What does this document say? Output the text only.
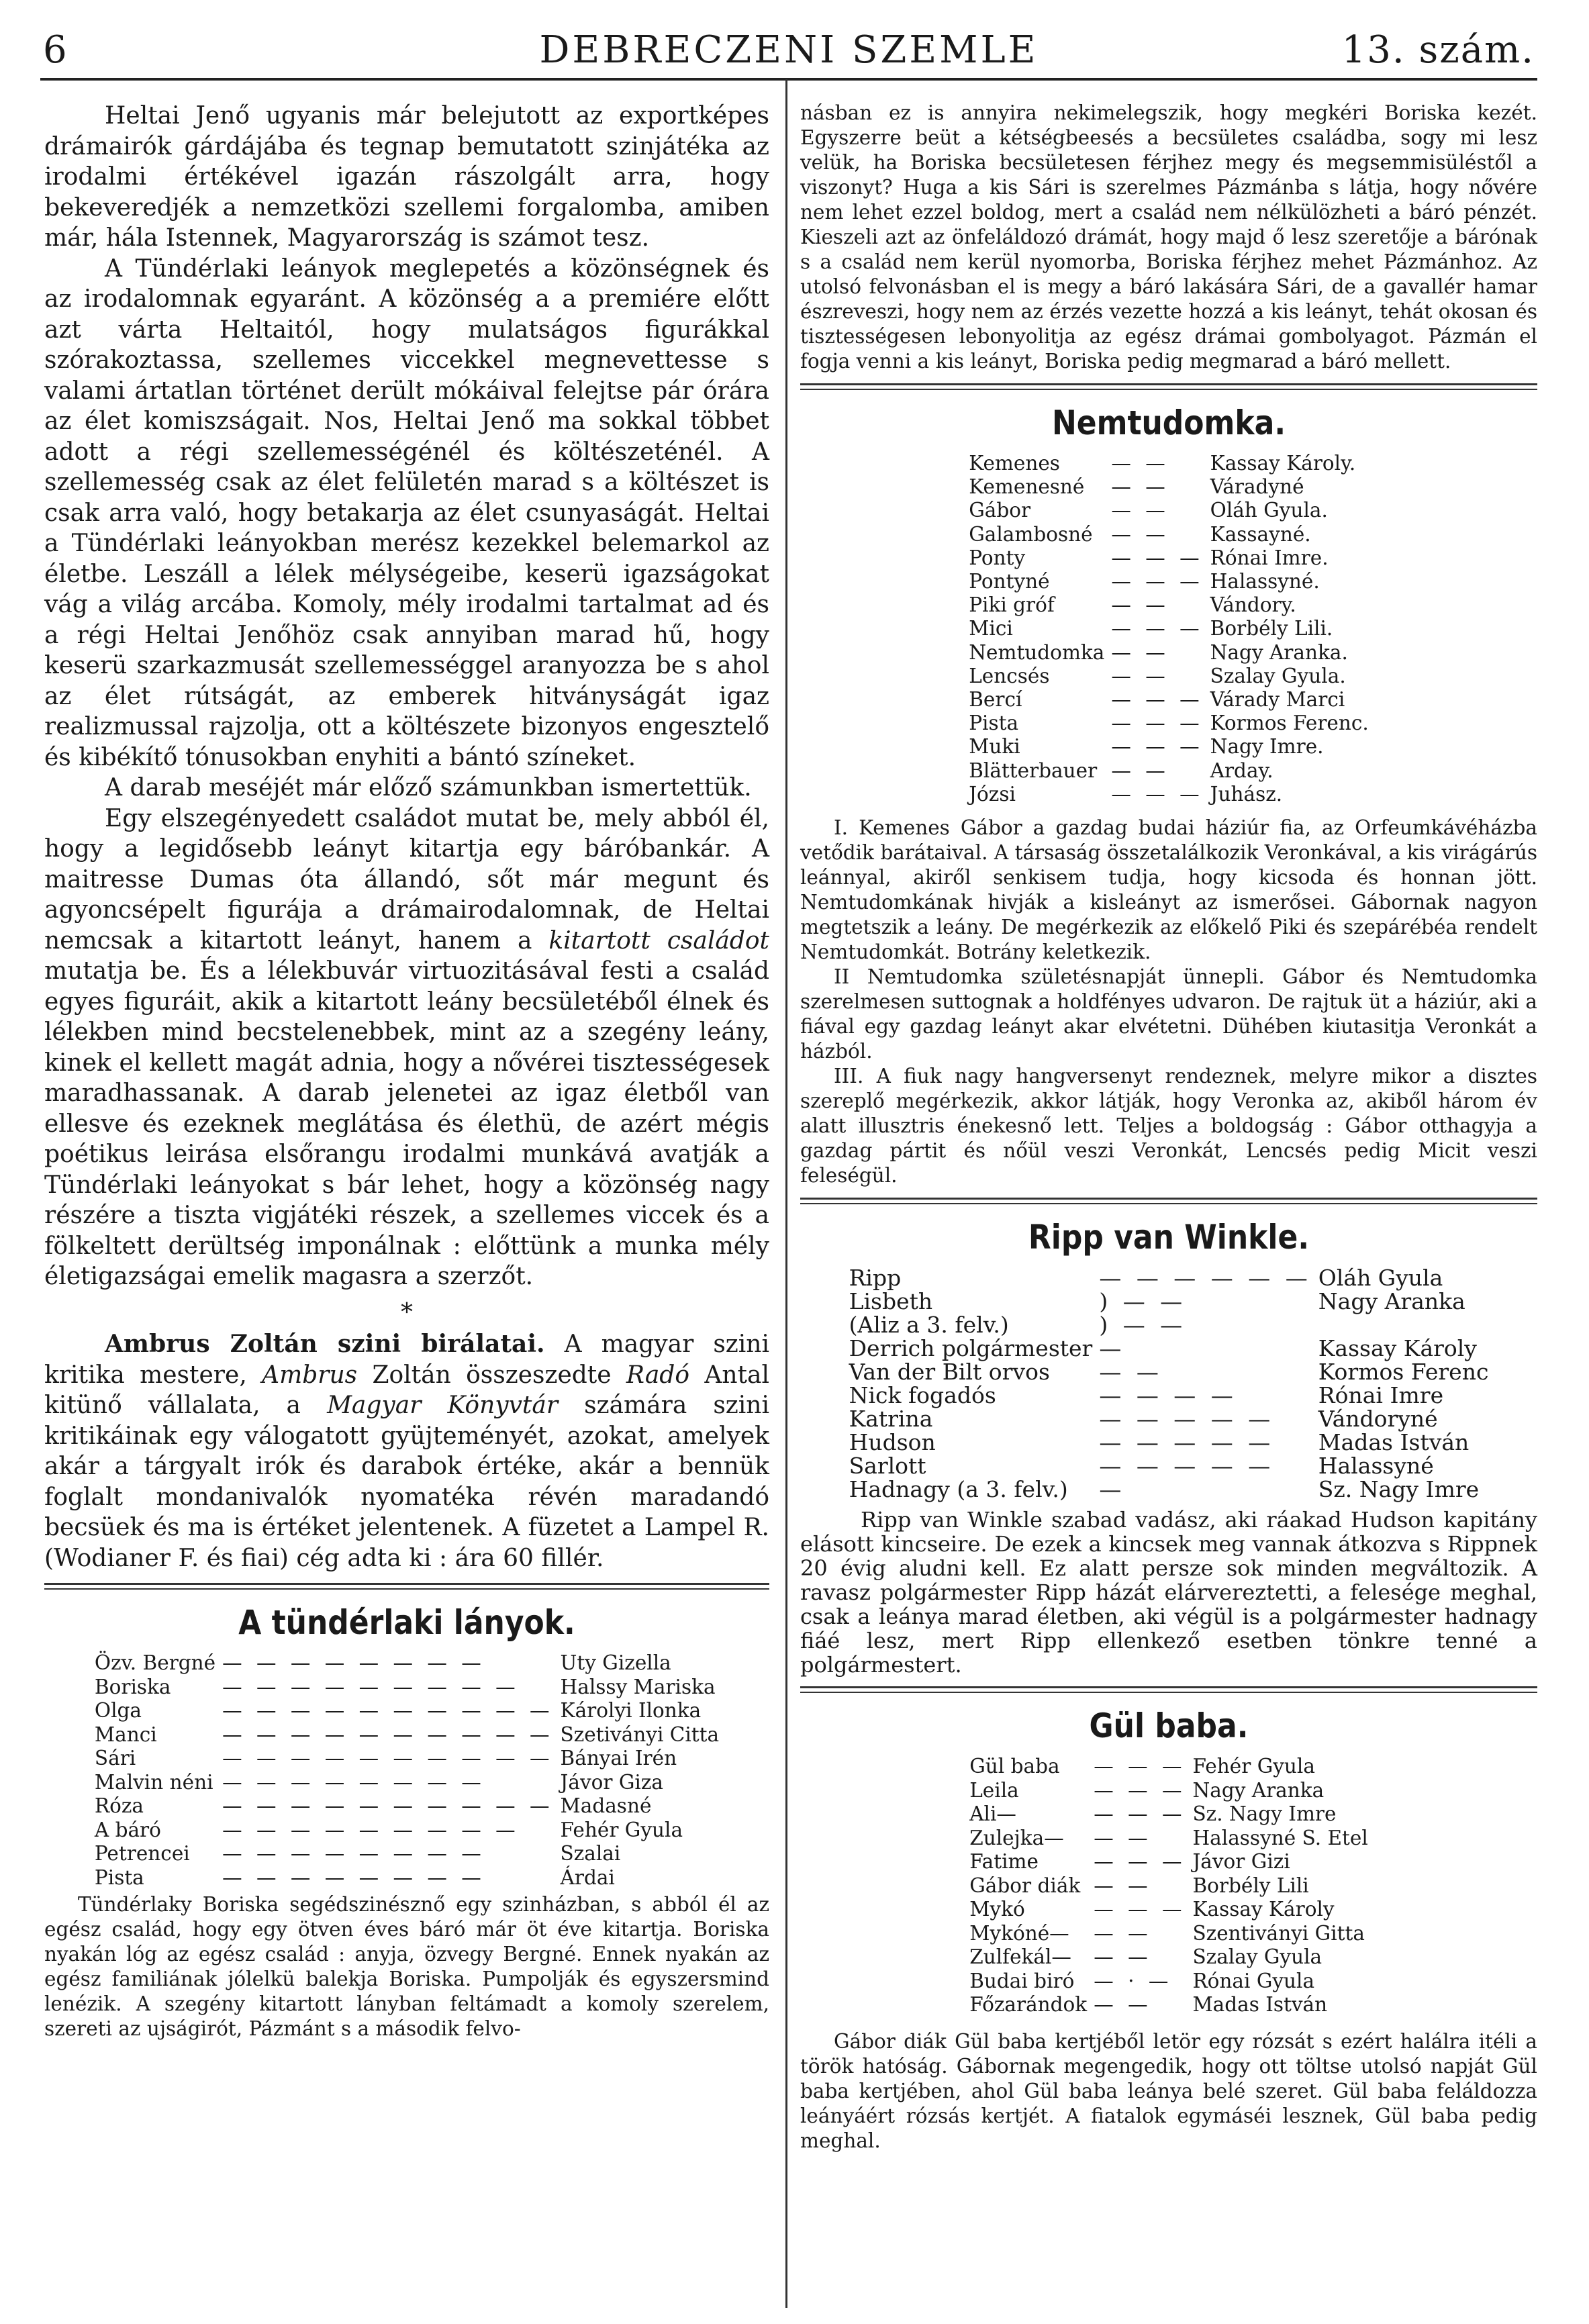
DEBRECZENI SZEMLE
6	13. szám.

Heltai Jenő ugyanis már belejutott az exportképes drámairók gárdájába és tegnap bemutatott szinjátéka az irodalmi értékével igazán rászolgált arra, hogy bekeveredjék a nemzetközi szellemi forgalomba, amiben már, hála Istennek, Magyarország is számot tesz.

A Tündérlaki leányok meglepetés a közönségnek és az irodalomnak egyaránt. A közönség a a premiére előtt azt várta Heltaitól, hogy mulatságos figurákkal szórakoztassa, szellemes viccekkel megnevettesse s valami ártatlan történet derült mókáival felejtse pár órára az élet komiszságait. Nos, Heltai Jenő ma sokkal többet adott a régi szellemességénél és költészeténél. A szellemesség csak az élet felületén marad s a költészet is csak arra való, hogy betakarja az élet csunyaságát. Heltai a Tündérlaki leányokban merész kezekkel belemarkol az életbe. Leszáll a lélek mélységeibe, keserü igazságokat vág a világ arcába. Komoly, mély irodalmi tartalmat ad és a régi Heltai Jenőhöz csak annyiban marad hű, hogy keserü szarkazmusát szellemességgel aranyozza be s ahol az élet rútságát, az emberek hitványságát igaz realizmussal rajzolja, ott a költészete bizonyos engesztelő és kibékítő tónusokban enyhiti a bántó színeket.

A darab meséjét már előző számunkban ismertettük.

Egy elszegényedett családot mutat be, mely abból él, hogy a legidősebb leányt kitartja egy báróbankár. A maitresse Dumas óta állandó, sőt már megunt és agyoncsépelt figurája a drámairodalomnak, de Heltai nemcsak a kitartott leányt, hanem a kitartott családot mutatja be. És a lélekbuvár virtuozitásával festi a család egyes figuráit, akik a kitartott leány becsületéből élnek és lélekben mind becstelenebbek, mint az a szegény leány, kinek el kellett magát adnia, hogy a nővérei tisztességesek maradhassanak. A darab jelenetei az igaz életből van ellesve és ezeknek meglátása és élethü, de azért mégis poétikus leirása elsőrangu irodalmi munkává avatják a Tündérlaki leányokat s bár lehet, hogy a közönség nagy részére a tiszta vigjátéki részek, a szellemes viccek és a fölkeltett derültség imponálnak : előttünk a munka mély életigazságai emelik magasra a szerzőt.

*

Ambrus Zoltán szini birálatai. A magyar szini kritika mestere, Ambrus Zoltán összeszedte Radó Antal kitünő vállalata, a Magyar Könyvtár számára szini kritikáinak egy válogatott gyüjteményét, azokat, amelyek akár a tárgyalt irók és darabok értéke, akár a bennük foglalt mondanivalók nyomatéka révén maradandó becsüek és ma is értéket jelentenek. A füzetet a Lampel R. (Wodianer F. és fiai) cég adta ki : ára 60 fillér.

A tündérlaki lányok.
Özv. Bergné	— — — — — — — —	Uty Gizella
Boriska	— — — — — — — — —	Halssy Mariska
Olga	— — — — — — — — — —	Károlyi Ilonka
Manci	— — — — — — — — — —	Szetiványi Citta
Sári	— — — — — — — — — —	Bányai Irén
Malvin néni	— — — — — — — —	Jávor Giza
Róza	— — — — — — — — — —	Madasné
A báró	— — — — — — — — —	Fehér Gyula
Petrencei	— — — — — — — —	Szalai
Pista	— — — — — — — —	Árdai

Tündérlaky Boriska segédszinésznő egy szinházban, s abból él az egész család, hogy egy ötven éves báró már öt éve kitartja. Boriska nyakán lóg az egész család : anyja, özvegy Bergné. Ennek nyakán az egész familiának jólelkü balekja Boriska. Pumpolják és egyszersmind lenézik. A szegény kitartott lányban feltámadt a komoly szerelem, szereti az ujságirót, Pázmánt s a második felvo-

násban ez is annyira nekimelegszik, hogy megkéri Boriska kezét. Egyszerre beüt a kétségbeesés a becsületes családba, sogy mi lesz velük, ha Boriska becsületesen férjhez megy és megsemmisüléstől a viszonyt? Huga a kis Sári is szerelmes Pázmánba s látja, hogy nővére nem lehet ezzel boldog, mert a család nem nélkülözheti a báró pénzét. Kieszeli azt az önfeláldozó drámát, hogy majd ő lesz szeretője a bárónak s a család nem kerül nyomorba, Boriska férjhez mehet Pázmánhoz. Az utolsó felvonásban el is megy a báró lakására Sári, de a gavallér hamar észreveszi, hogy nem az érzés vezette hozzá a kis leányt, tehát okosan és tisztességesen lebonyolitja az egész drámai gombolyagot. Pázmán el fogja venni a kis leányt, Boriska pedig megmarad a báró mellett.

Nemtudomka.
Kemenes	— —	Kassay Károly.
Kemenesné	— —	Váradyné
Gábor	— —	Oláh Gyula.
Galambosné	— —	Kassayné.
Ponty	— — —	Rónai Imre.
Pontyné	— — —	Halassyné.
Piki gróf	— —	Vándory.
Mici	— — —	Borbély Lili.
Nemtudomka	— —	Nagy Aranka.
Lencsés	— —	Szalay Gyula.
Bercí	— — —	Várady Marci
Pista	— — —	Kormos Ferenc.
Muki	— — —	Nagy Imre.
Blätterbauer	— —	Arday.
Józsi	— — —	Juhász.

I. Kemenes Gábor a gazdag budai háziúr fia, az Orfeumkávéházba vetődik barátaival. A társaság összetalálkozik Veronkával, a kis virágárús leánnyal, akiről senkisem tudja, hogy kicsoda és honnan jött. Nemtudomkának hivják a kisleányt az ismerősei. Gábornak nagyon megtetszik a leány. De megérkezik az előkelő Piki és szepárébéa rendelt Nemtudomkát. Botrány keletkezik.

II Nemtudomka születésnapját ünnepli. Gábor és Nemtudomka szerelmesen suttognak a holdfényes udvaron. De rajtuk üt a háziúr, aki a fiával egy gazdag leányt akar elvétetni. Dühében kiutasitja Veronkát a házból.

III. A fiuk nagy hangversenyt rendeznek, melyre mikor a disztes szereplő megérkezik, akkor látják, hogy Veronka az, akiből három év alatt illusztris énekesnő lett. Teljes a boldogság : Gábor otthagyja a gazdag pártit és nőül veszi Veronkát, Lencsés pedig Micit veszi feleségül.

Ripp van Winkle.
Ripp	— — — — — —	Oláh Gyula
Lisbeth	) — —	Nagy Aranka
(Aliz a 3. felv.)	) — —	
Derrich polgármester	—	Kassay Károly
Van der Bilt orvos	— —	Kormos Ferenc
Nick fogadós	— — — —	Rónai Imre
Katrina	— — — — —	Vándoryné
Hudson	— — — — —	Madas István
Sarlott	— — — — —	Halassyné
Hadnagy (a 3. felv.)	—	Sz. Nagy Imre

Ripp van Winkle szabad vadász, aki ráakad Hudson kapitány elásott kincseire. De ezek a kincsek meg vannak átkozva s Rippnek 20 évig aludni kell. Ez alatt persze sok minden megváltozik. A ravasz polgármester Ripp házát elárvereztetti, a felesége meghal, csak a leánya marad életben, aki végül is a polgármester hadnagy fiáé lesz, mert Ripp ellenkező esetben tönkre tenné a polgármestert.

Gül baba.
Gül baba	— — —	Fehér Gyula
Leila	— — —	Nagy Aranka
Ali—	— — —	Sz. Nagy Imre
Zulejka—	— —	Halassyné S. Etel
Fatime	— — —	Jávor Gizi
Gábor diák	— —	Borbély Lili
Mykó	— — —	Kassay Károly
Mykóné—	— —	Szentiványi Gitta
Zulfekál—	— —	Szalay Gyula
Budai biró	— · —	Rónai Gyula
Főzarándok	— —	Madas István

Gábor diák Gül baba kertjéből letör egy rózsát s ezért halálra itéli a török hatóság. Gábornak megengedik, hogy ott töltse utolsó napját Gül baba kertjében, ahol Gül baba leánya belé szeret. Gül baba feláldozza leányáért rózsás kertjét. A fiatalok egymáséi lesznek, Gül baba pedig meghal.
